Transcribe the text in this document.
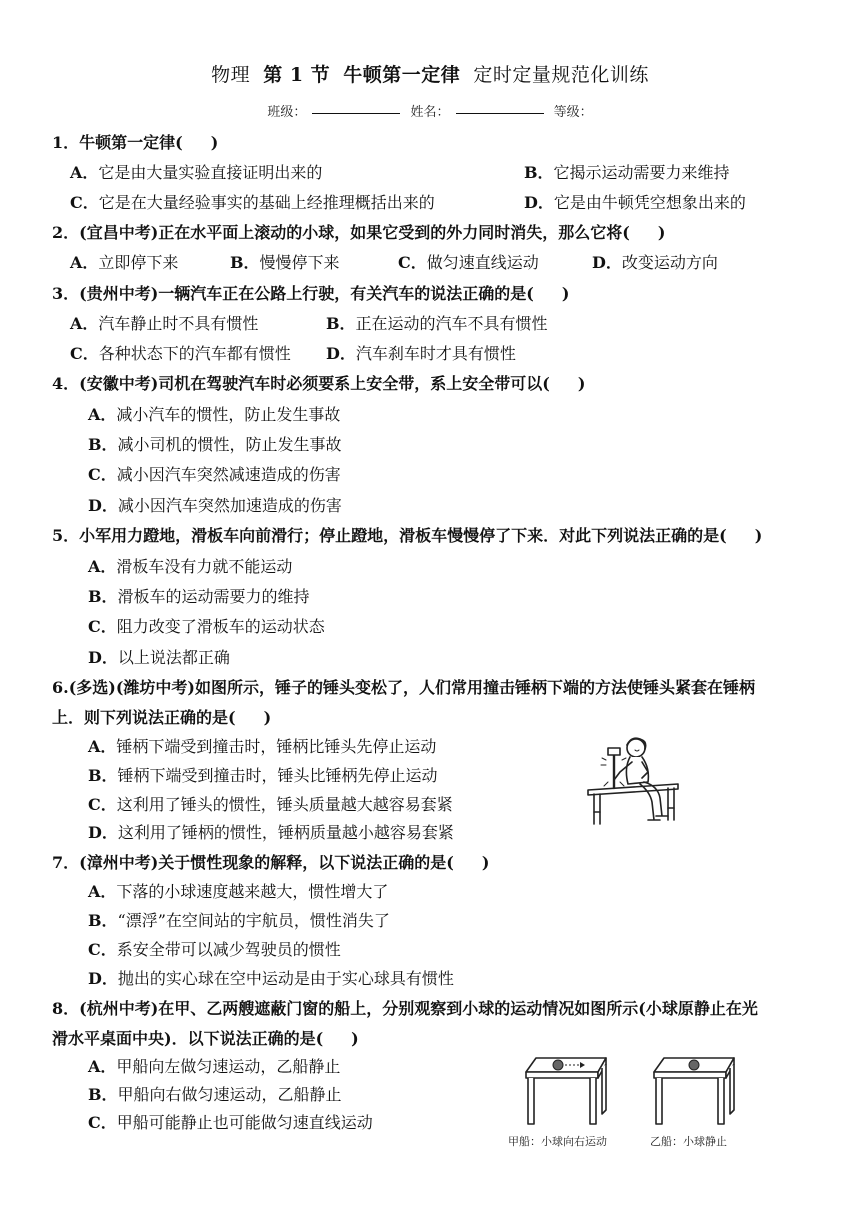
物理 第 1 节 牛顿第一定律 定时定量规范化训练
班级：	姓名：	等级：
1．牛顿第一定律( )
A．它是由大量实验直接证明出来的	B．它揭示运动需要力来维持
C．它是在大量经验事实的基础上经推理概括出来的	D．它是由牛顿凭空想象出来的
2．(宜昌中考)正在水平面上滚动的小球，如果它受到的外力同时消失，那么它将( )
A．立即停下来	B．慢慢停下来	C．做匀速直线运动	D．改变运动方向
3．(贵州中考)一辆汽车正在公路上行驶，有关汽车的说法正确的是( )
A．汽车静止时不具有惯性	B．正在运动的汽车不具有惯性
C．各种状态下的汽车都有惯性 D．汽车刹车时才具有惯性
4．(安徽中考)司机在驾驶汽车时必须要系上安全带，系上安全带可以( )
A．减小汽车的惯性，防止发生事故
B．减小司机的惯性，防止发生事故
C．减小因汽车突然减速造成的伤害
D．减小因汽车突然加速造成的伤害
5．小军用力蹬地，滑板车向前滑行；停止蹬地，滑板车慢慢停了下来．对此下列说法正确的是( )
A．滑板车没有力就不能运动
B．滑板车的运动需要力的维持
C．阻力改变了滑板车的运动状态
D．以上说法都正确
6.(多选)(潍坊中考)如图所示，锤子的锤头变松了，人们常用撞击锤柄下端的方法使锤头紧套在锤柄
上．则下列说法正确的是( )
A．锤柄下端受到撞击时，锤柄比锤头先停止运动
B．锤柄下端受到撞击时，锤头比锤柄先停止运动
C．这利用了锤头的惯性，锤头质量越大越容易套紧
D．这利用了锤柄的惯性，锤柄质量越小越容易套紧
7．(漳州中考)关于惯性现象的解释，以下说法正确的是( )
A．下落的小球速度越来越大，惯性增大了
B．“漂浮”在空间站的宇航员，惯性消失了
C．系安全带可以减少驾驶员的惯性
D．抛出的实心球在空中运动是由于实心球具有惯性
8．(杭州中考)在甲、乙两艘遮蔽门窗的船上，分别观察到小球的运动情况如图所示(小球原静止在光
滑水平桌面中央)．以下说法正确的是( )
A．甲船向左做匀速运动，乙船静止
B．甲船向右做匀速运动，乙船静止
C．甲船可能静止也可能做匀速直线运动
甲船：小球向右运动	乙船：小球静止
